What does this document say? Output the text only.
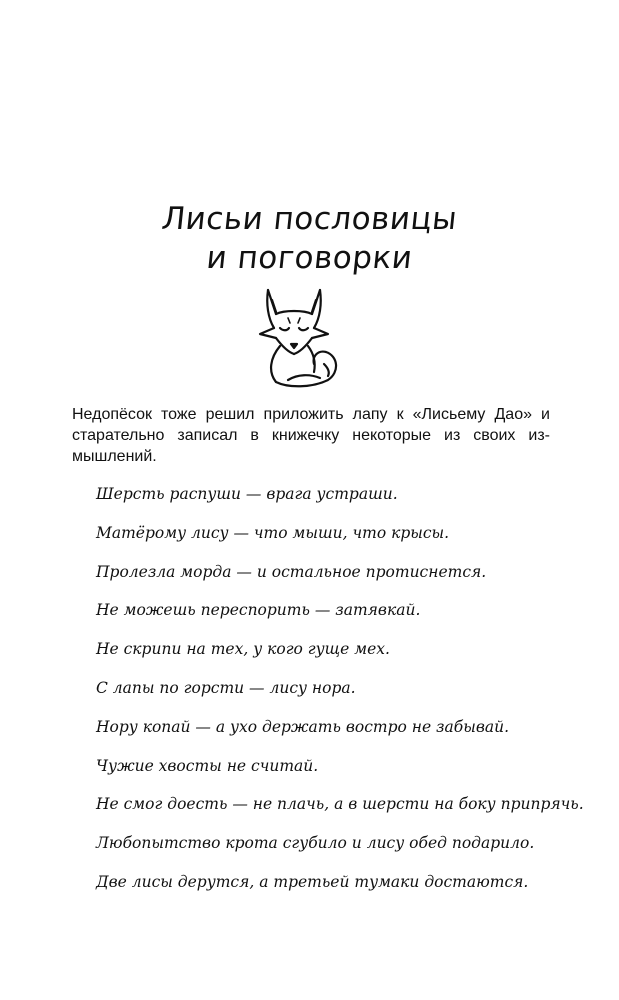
Лисьи пословицы
и поговорки

Недопёсок тоже решил приложить лапу к «Лисьему Дао» и старательно записал в книжечку некоторые из своих измышлений.

Шерсть распуши — врага устраши.
Матёрому лису — что мыши, что крысы.
Пролезла морда — и остальное протиснется.
Не можешь переспорить — затявкай.
Не скрипи на тех, у кого гуще мех.
С лапы по горсти — лису нора.
Нору копай — а ухо держать востро не забывай.
Чужие хвосты не считай.
Не смог доесть — не плачь, а в шерсти на боку припрячь.
Любопытство крота сгубило и лису обед подарило.
Две лисы дерутся, а третьей тумаки достаются.
